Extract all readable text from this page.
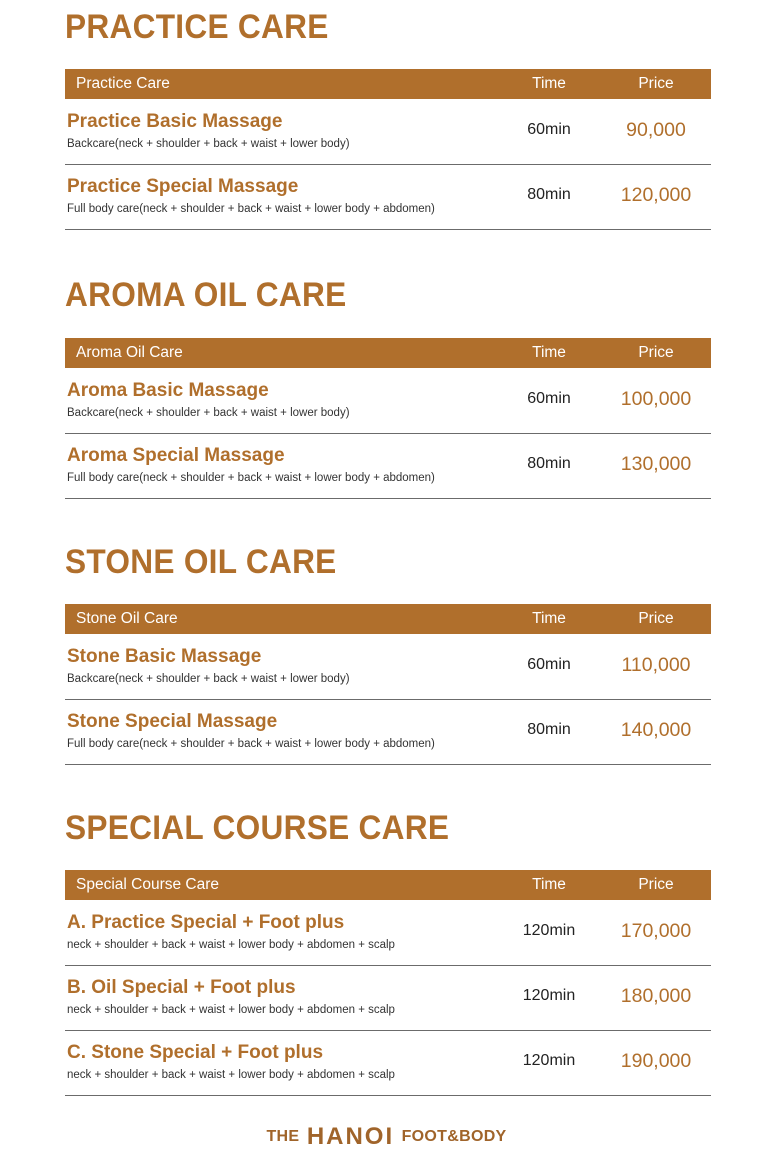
PRACTICE CARE
Practice Care	Time	Price
Practice Basic Massage
Backcare(neck + shoulder + back + waist + lower body)
60min	90,000
Practice Special Massage
Full body care(neck + shoulder + back + waist + lower body + abdomen)
80min	120,000
AROMA OIL CARE
Aroma Oil Care	Time	Price
Aroma Basic Massage
Backcare(neck + shoulder + back + waist + lower body)
60min	100,000
Aroma Special Massage
Full body care(neck + shoulder + back + waist + lower body + abdomen)
80min	130,000
STONE OIL CARE
Stone Oil Care	Time	Price
Stone Basic Massage
Backcare(neck + shoulder + back + waist + lower body)
60min	110,000
Stone Special Massage
Full body care(neck + shoulder + back + waist + lower body + abdomen)
80min	140,000
SPECIAL COURSE CARE
Special Course Care	Time	Price
A. Practice Special + Foot plus
neck + shoulder + back + waist + lower body + abdomen + scalp
120min 170,000
B. Oil Special + Foot plus
neck + shoulder + back + waist + lower body + abdomen + scalp
120min 180,000
C. Stone Special + Foot plus
neck + shoulder + back + waist + lower body + abdomen + scalp
120min 190,000
THE HANOI FOOT&BODY
